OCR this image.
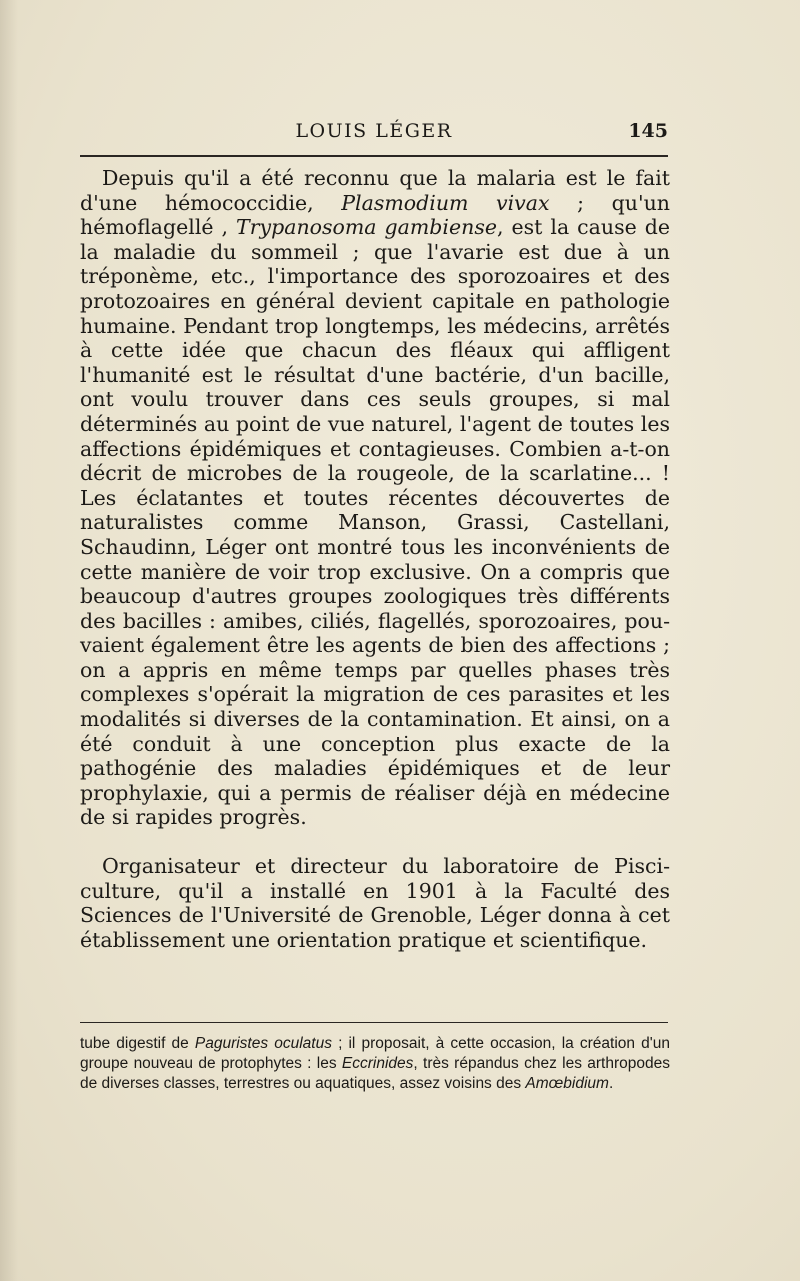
LOUIS LÉGER	145

Depuis qu'il a été reconnu que la malaria est le fait d'une hémococcidie, Plasmodium vivax ; qu'un hémoflagellé , Trypanosoma gambiense, est la cause de la maladie du sommeil ; que l'avarie est due à un tréponème, etc., l'importance des sporozoaires et des protozoaires en général devient capitale en pathologie humaine. Pendant trop longtemps, les médecins, arrêtés à cette idée que chacun des fléaux qui affligent l'humanité est le résultat d'une bactérie, d'un bacille, ont voulu trouver dans ces seuls groupes, si mal déterminés au point de vue naturel, l'agent de toutes les affections épidémiques et contagieuses. Combien a-t-on décrit de microbes de la rougeole, de la scarlatine... ! Les éclatantes et toutes récentes découvertes de naturalistes comme Manson, Grassi, Castellani, Schaudinn, Léger ont montré tous les inconvénients de cette manière de voir trop exclusive. On a compris que beaucoup d'autres groupes zoologiques très différents des bacilles : amibes, ciliés, flagellés, sporozoaires, pouvaient également être les agents de bien des affections ; on a appris en même temps par quelles phases très complexes s'opérait la migration de ces parasites et les modalités si diverses de la contamination. Et ainsi, on a été conduit à une conception plus exacte de la pathogénie des maladies épidémiques et de leur prophylaxie, qui a permis de réaliser déjà en médecine de si rapides progrès.

Organisateur et directeur du laboratoire de Pisciculture, qu'il a installé en 1901 à la Faculté des Sciences de l'Université de Grenoble, Léger donna à cet établissement une orientation pratique et scientifique.

tube digestif de Paguristes oculatus ; il proposait, à cette occasion, la création d'un groupe nouveau de protophytes : les Eccrinides, très répandus chez les arthropodes de diverses classes, terrestres ou aquatiques, assez voisins des Amœbidium.
